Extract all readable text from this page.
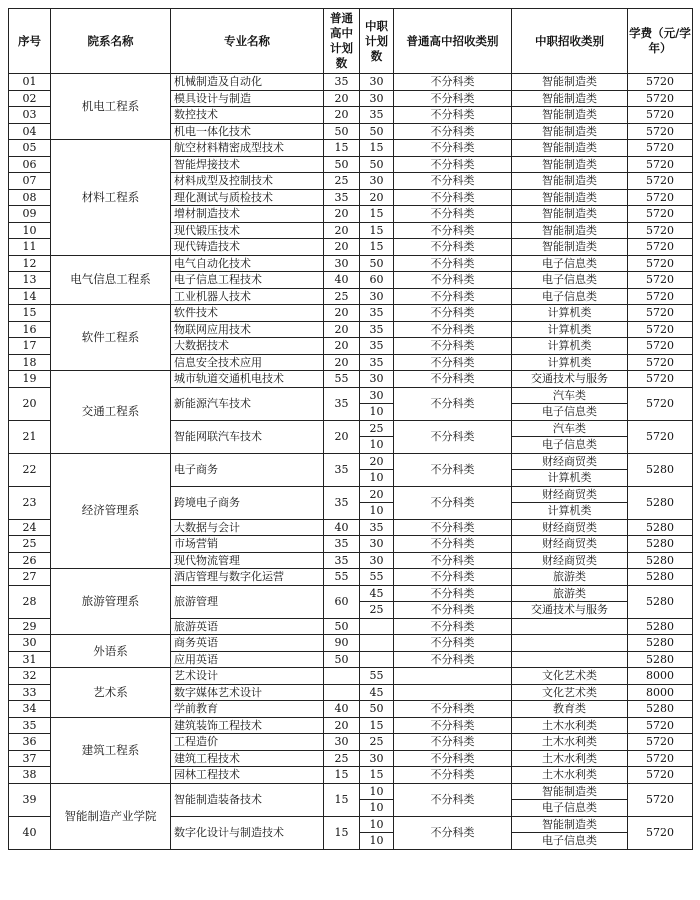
序号	院系名称	专业名称	普通高中计划数	中职计划数	普通高中招收类别	中职招收类别	学费（元/学年）
01	机电工程系	机械制造及自动化	35	30	不分科类	智能制造类	5720
02		模具设计与制造	20	30	不分科类	智能制造类	5720
03		数控技术	20	35	不分科类	智能制造类	5720
04		机电一体化技术	50	50	不分科类	智能制造类	5720
05	材料工程系	航空材料精密成型技术	15	15	不分科类	智能制造类	5720
06		智能焊接技术	50	50	不分科类	智能制造类	5720
07		材料成型及控制技术	25	30	不分科类	智能制造类	5720
08		理化测试与质检技术	35	20	不分科类	智能制造类	5720
09		增材制造技术	20	15	不分科类	智能制造类	5720
10		现代锻压技术	20	15	不分科类	智能制造类	5720
11		现代铸造技术	20	15	不分科类	智能制造类	5720
12	电气信息工程系	电气自动化技术	30	50	不分科类	电子信息类	5720
13		电子信息工程技术	40	60	不分科类	电子信息类	5720
14		工业机器人技术	25	30	不分科类	电子信息类	5720
15	软件工程系	软件技术	20	35	不分科类	计算机类	5720
16		物联网应用技术	20	35	不分科类	计算机类	5720
17		大数据技术	20	35	不分科类	计算机类	5720
18		信息安全技术应用	20	35	不分科类	计算机类	5720
19	交通工程系	城市轨道交通机电技术	55	30	不分科类	交通技术与服务	5720
20		新能源汽车技术	35	30	不分科类	汽车类	5720
				10		电子信息类	
21		智能网联汽车技术	20	25	不分科类	汽车类	5720
				10		电子信息类	
22	经济管理系	电子商务	35	20	不分科类	财经商贸类	5280
				10		计算机类	
23		跨境电子商务	35	20	不分科类	财经商贸类	5280
				10		计算机类	
24		大数据与会计	40	35	不分科类	财经商贸类	5280
25		市场营销	35	30	不分科类	财经商贸类	5280
26		现代物流管理	35	30	不分科类	财经商贸类	5280
27	旅游管理系	酒店管理与数字化运营	55	55	不分科类	旅游类	5280
28		旅游管理	60	45	不分科类	旅游类	5280
				25	不分科类	交通技术与服务	
29		旅游英语	50		不分科类		5280
30	外语系	商务英语	90		不分科类		5280
31		应用英语	50		不分科类		5280
32	艺术系	艺术设计		55		文化艺术类	8000
33		数字媒体艺术设计		45		文化艺术类	8000
34		学前教育	40	50	不分科类	教育类	5280
35	建筑工程系	建筑装饰工程技术	20	15	不分科类	土木水利类	5720
36		工程造价	30	25	不分科类	土木水利类	5720
37		建筑工程技术	25	30	不分科类	土木水利类	5720
38		园林工程技术	15	15	不分科类	土木水利类	5720
39	智能制造产业学院	智能制造装备技术	15	10	不分科类	智能制造类	5720
				10		电子信息类	
40		数字化设计与制造技术	15	10	不分科类	智能制造类	5720
				10		电子信息类	
